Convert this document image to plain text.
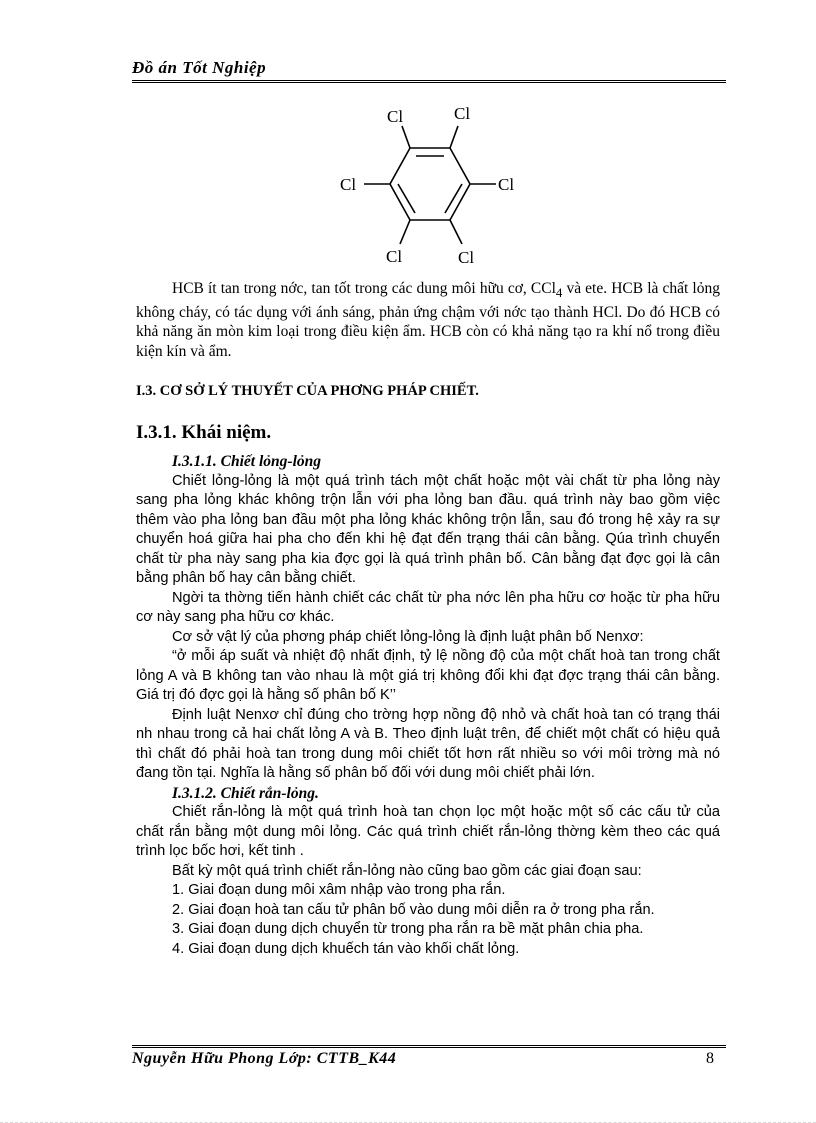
Đồ án Tốt Nghiệp
Cl	Cl
Cl	Cl
Cl	Cl

HCB ít tan trong nớc, tan tốt trong các dung môi hữu cơ, CCl$_4$ và ete. HCB là chất lỏng không cháy, có tác dụng với ánh sáng, phản ứng chậm với nớc tạo thành HCl. Do đó HCB có khả năng ăn mòn kim loại trong điều kiện ẩm. HCB còn có khả năng tạo ra khí nổ trong điều kiện kín và ẩm.

I.3. CƠ SỞ LÝ THUYẾT CỦA PHƠNG PHÁP CHIẾT.
I.3.1. Khái niệm.

I.3.1.1. Chiết lỏng-lỏng

Chiết lỏng-lỏng là một quá trình tách một chất hoặc một vài chất từ pha lỏng này sang pha lỏng khác không trộn lẫn với pha lỏng ban đầu. quá trình này bao gồm việc thêm vào pha lỏng ban đầu một pha lỏng khác không trộn lẫn, sau đó trong hệ xảy ra sự chuyển hoá giữa hai pha cho đến khi hệ đạt đến trạng thái cân bằng. Qúa trình chuyển chất từ pha này sang pha kia đợc gọi là quá trình phân bố. Cân bằng đạt đợc gọi là cân bằng phân bố hay cân bằng chiết.

Ngời ta thờng tiến hành chiết các chất từ pha nớc lên pha hữu cơ hoặc từ pha hữu cơ này sang pha hữu cơ khác.

Cơ sở vật lý của phơng pháp chiết lỏng-lỏng là định luật phân bố Nenxơ:

“ở mỗi áp suất và nhiệt độ nhất định, tỷ lệ nồng độ của một chất hoà tan trong chất lỏng A và B không tan vào nhau là một giá trị không đổi khi đạt đợc trạng thái cân bằng. Giá trị đó đợc gọi là hằng số phân bố K’’

Định luật Nenxơ chỉ đúng cho trờng hợp nồng độ nhỏ và chất hoà tan có trạng thái nh nhau trong cả hai chất lỏng A và B. Theo định luật trên, để chiết một chất có hiệu quả thì chất đó phải hoà tan trong dung môi chiết tốt hơn rất nhiều so với môi trờng mà nó đang tồn tại. Nghĩa là hằng số phân bố đối với dung môi chiết phải lớn.

I.3.1.2. Chiết rắn-lỏng.

Chiết rắn-lỏng là một quá trình hoà tan chọn lọc một hoặc một số các cấu tử của chất rắn bằng một dung môi lỏng. Các quá trình chiết rắn-lỏng thờng kèm theo các quá trình lọc bốc hơi, kết tinh .

Bất kỳ một quá trình chiết rắn-lỏng nào cũng bao gồm các giai đoạn sau:

1. Giai đoạn dung môi xâm nhập vào trong pha rắn.

2. Giai đoạn hoà tan cấu tử phân bố vào dung môi diễn ra ở trong pha rắn.

3. Giai đoạn dung dịch chuyển từ trong pha rắn ra bề mặt phân chia pha.

4. Giai đoạn dung dịch khuếch tán vào khối chất lỏng.

Nguyễn Hữu Phong Lớp: CTTB_K44	8
